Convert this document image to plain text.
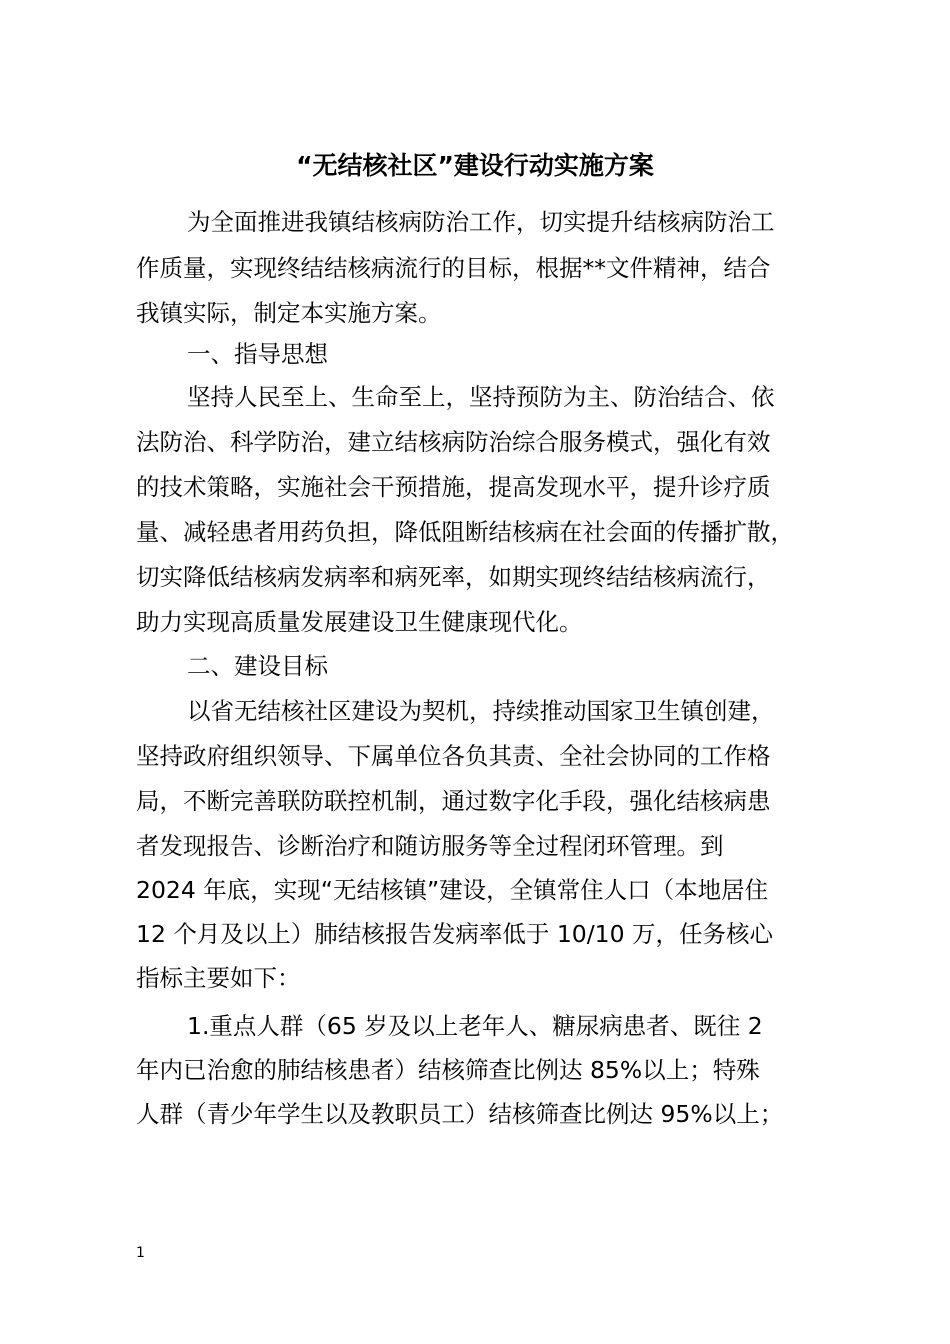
“无结核社区”建设行动实施方案
为全面推进我镇结核病防治工作，切实提升结核病防治工
作质量，实现终结结核病流行的目标，根据**文件精神，结合
我镇实际，制定本实施方案。
一、指导思想
坚持人民至上、生命至上，坚持预防为主、防治结合、依
法防治、科学防治，建立结核病防治综合服务模式，强化有效
的技术策略，实施社会干预措施，提高发现水平，提升诊疗质
量、减轻患者用药负担，降低阻断结核病在社会面的传播扩散，
切实降低结核病发病率和病死率，如期实现终结结核病流行，
助力实现高质量发展建设卫生健康现代化。
二、建设目标
以省无结核社区建设为契机，持续推动国家卫生镇创建，
坚持政府组织领导、下属单位各负其责、全社会协同的工作格
局，不断完善联防联控机制，通过数字化手段，强化结核病患
者发现报告、诊断治疗和随访服务等全过程闭环管理。到
2024 年底，实现“无结核镇”建设，全镇常住人口（本地居住
12 个月及以上）肺结核报告发病率低于 10/10 万，任务核心
指标主要如下：
1.重点人群（65 岁及以上老年人、糖尿病患者、既往 2
年内已治愈的肺结核患者）结核筛查比例达 85%以上；特殊
人群（青少年学生以及教职员工）结核筛查比例达 95%以上；
1
